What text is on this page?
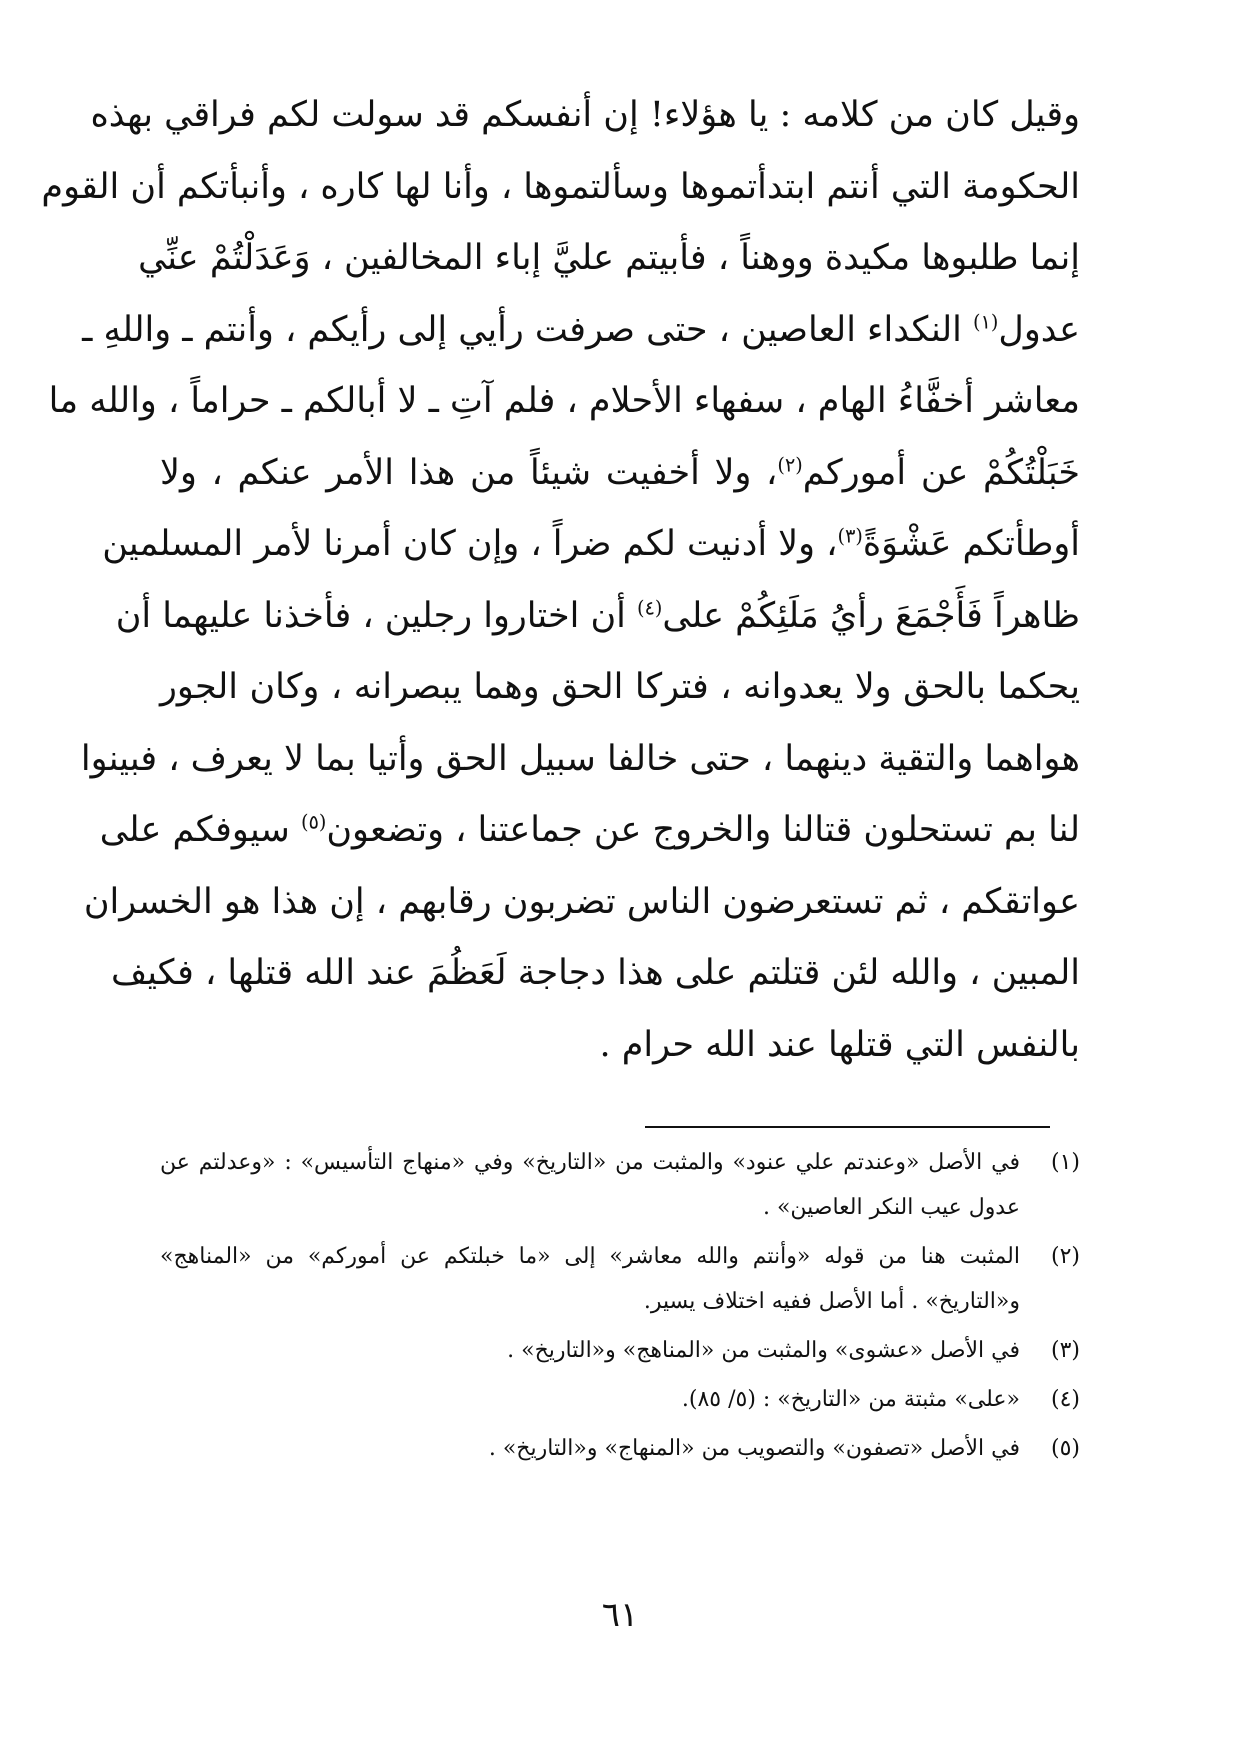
وقيل كان من كلامه : يا هؤلاء! إن أنفسكم قد سولت لكم فراقي بهذه
الحكومة التي أنتم ابتدأتموها وسألتموها ، وأنا لها كاره ، وأنبأتكم أن القوم
إنما طلبوها مكيدة ووهناً ، فأبيتم عليَّ إباء المخالفين ، وَعَدَلْتُمْ عنِّي
عدول$^{(١)}$ النكداء العاصين ، حتى صرفت رأيي إلى رأيكم ، وأنتم ـ واللهِ ـ
معاشر أخفَّاءُ الهام ، سفهاء الأحلام ، فلم آتِ ـ لا أبالكم ـ حراماً ، والله ما
خَبَلْتُكُمْ عن أموركم$^{(٢)}$، ولا أخفيت شيئاً من هذا الأمر عنكم ، ولا
أوطأتكم عَشْوَةً$^{(٣)}$، ولا أدنيت لكم ضراً ، وإن كان أمرنا لأمر المسلمين
ظاهراً فَأَجْمَعَ رأيُ مَلَئِكُمْ على$^{(٤)}$ أن اختاروا رجلين ، فأخذنا عليهما أن
يحكما بالحق ولا يعدوانه ، فتركا الحق وهما يبصرانه ، وكان الجور
هواهما والتقية دينهما ، حتى خالفا سبيل الحق وأتيا بما لا يعرف ، فبينوا
لنا بم تستحلون قتالنا والخروج عن جماعتنا ، وتضعون$^{(٥)}$ سيوفكم على
عواتقكم ، ثم تستعرضون الناس تضربون رقابهم ، إن هذا هو الخسران
المبين ، والله لئن قتلتم على هذا دجاجة لَعَظُمَ عند الله قتلها ، فكيف
بالنفس التي قتلها عند الله حرام .
(١)
في الأصل «وعندتم علي عنود» والمثبت من «التاريخ» وفي «منهاج التأسيس» : «وعدلتم عن عدول عيب النكر العاصين» .
(٢)
المثبت هنا من قوله «وأنتم والله معاشر» إلى «ما خبلتكم عن أموركم» من «المناهج» و«التاريخ» . أما الأصل ففيه اختلاف يسير.
(٣)
في الأصل «عشوى» والمثبت من «المناهج» و«التاريخ» .
(٤)
«على» مثبتة من «التاريخ» : (٥/ ٨٥).
(٥)
في الأصل «تصفون» والتصويب من «المنهاج» و«التاريخ» .
٦١
